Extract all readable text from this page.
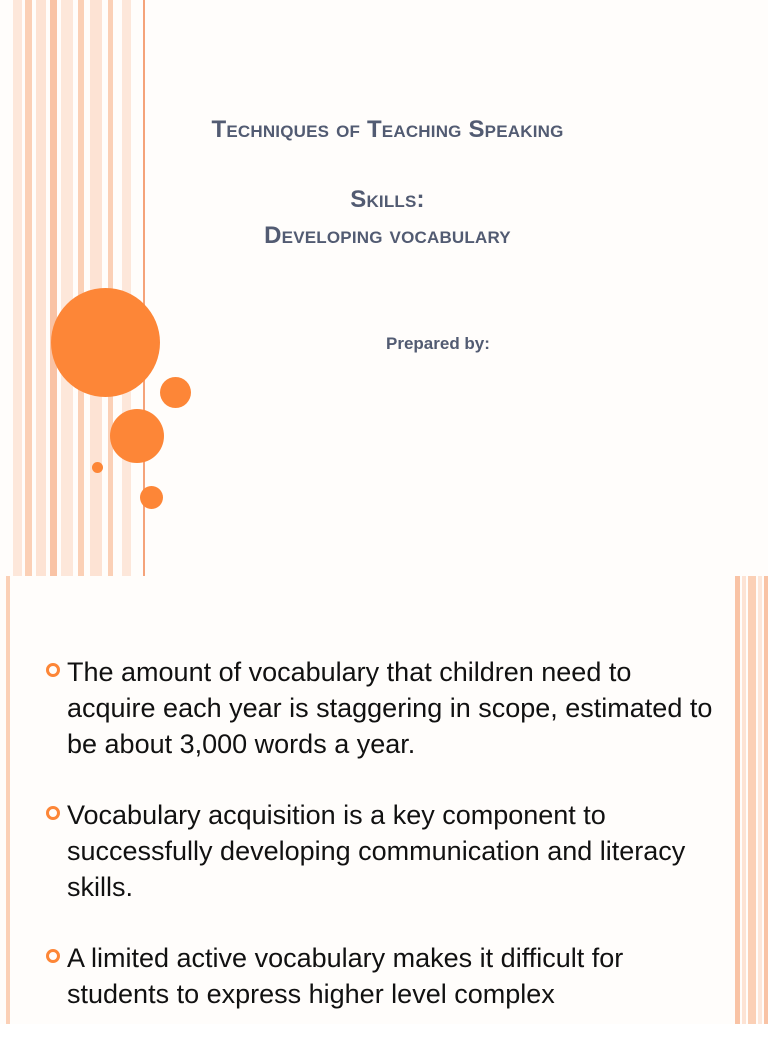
Techniques of Teaching Speaking
Skills:
Developing vocabulary
Prepared by:
The amount of vocabulary that children need to acquire each year is staggering in scope, estimated to be about 3,000 words a year.
Vocabulary acquisition is a key component to successfully developing communication and literacy skills.
A limited active vocabulary makes it difficult for students to express higher level complex
